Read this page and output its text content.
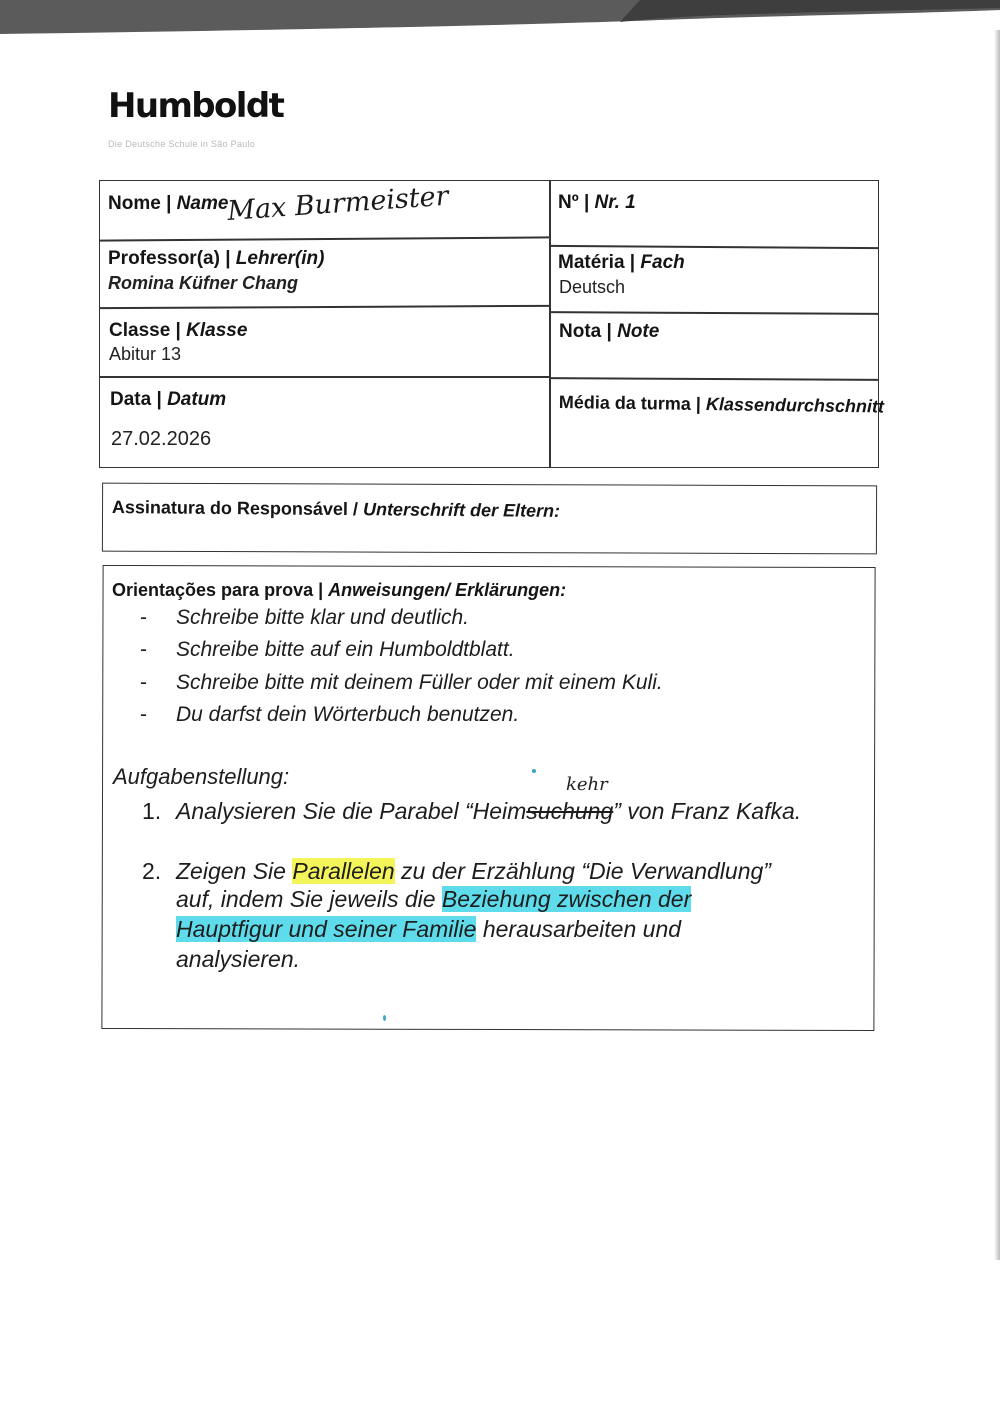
Humboldt
Die Deutsche Schule in São Paulo
Nome | Name
Max Burmeister	Nº | Nr. 1
Professor(a) | Lehrer(in)
Romina Küfner Chang
Matéria | Fach
Deutsch
Classe | Klasse
Abitur 13
Nota | Note
Data | Datum
27.02.2026
Média da turma | Klassendurchschnitt
Assinatura do Responsável / Unterschrift der Eltern:
Orientações para prova | Anweisungen/ Erklärungen:
- Schreibe bitte klar und deutlich.
- Schreibe bitte auf ein Humboldtblatt.
- Schreibe bitte mit deinem Füller oder mit einem Kuli.
- Du darfst dein Wörterbuch benutzen.
Aufgabenstellung:	kehr
1. Analysieren Sie die Parabel “Heimsuchung” von Franz Kafka.
2. Zeigen Sie Parallelen zu der Erzählung “Die Verwandlung”
auf, indem Sie jeweils die Beziehung zwischen der
Hauptfigur und seiner Familie herausarbeiten und
analysieren.
